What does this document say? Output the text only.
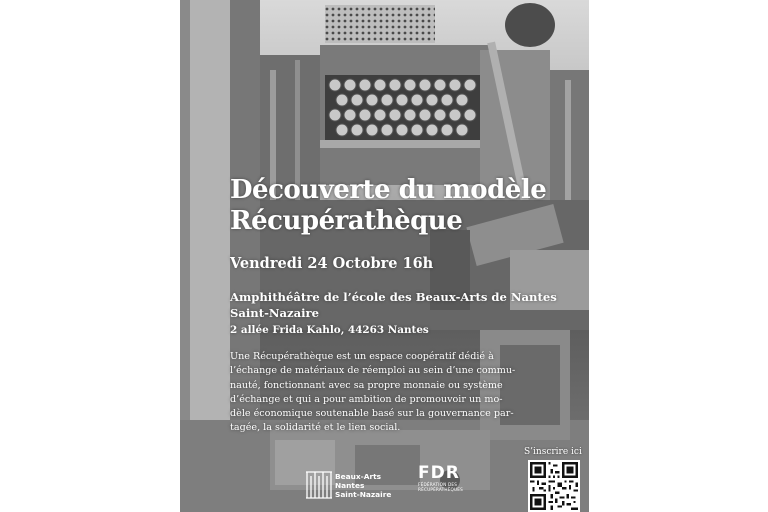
Découverte du modèle
Récupérathèque
Vendredi 24 Octobre 16h
Amphithéâtre de l’école des Beaux-Arts de Nantes
Saint-Nazaire
2 allée Frida Kahlo, 44263 Nantes
Une Récupérathèque est un espace coopératif dédié à
l’échange de matériaux de réemploi au sein d’une commu-
nauté, fonctionnant avec sa propre monnaie ou système
d’échange et qui a pour ambition de promouvoir un mo-
dèle économique soutenable basé sur la gouvernance par-
tagée, la solidarité et le lien social.
Beaux-Arts
Nantes
Saint-Nazaire
FDR
FÉDÉRATION DES
RÉCUPÉRATHÈQUES
S’inscrire ici
